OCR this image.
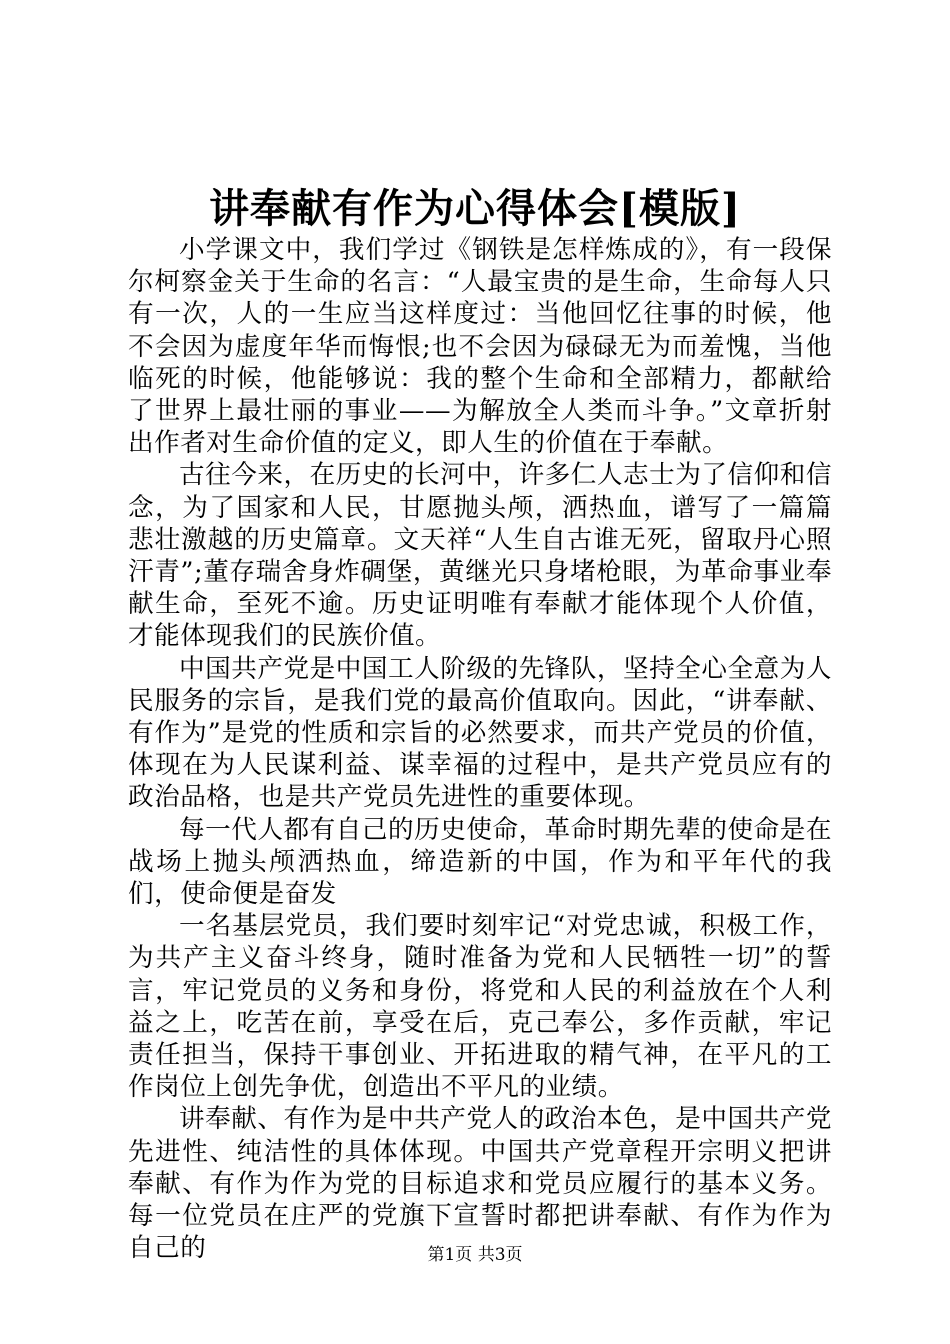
讲奉献有作为心得体会[模版]

小学课文中，我们学过《钢铁是怎样炼成的》，有一段保尔柯察金关于生命的名言：“人最宝贵的是生命，生命每人只有一次，人的一生应当这样度过：当他回忆往事的时候，他不会因为虚度年华而悔恨;也不会因为碌碌无为而羞愧，当他临死的时候，他能够说：我的整个生命和全部精力，都献给了世界上最壮丽的事业——为解放全人类而斗争。”文章折射出作者对生命价值的定义，即人生的价值在于奉献。

古往今来，在历史的长河中，许多仁人志士为了信仰和信念，为了国家和人民，甘愿抛头颅，洒热血，谱写了一篇篇悲壮激越的历史篇章。文天祥“人生自古谁无死，留取丹心照汗青”;董存瑞舍身炸碉堡，黄继光只身堵枪眼，为革命事业奉献生命，至死不逾。历史证明唯有奉献才能体现个人价值，才能体现我们的民族价值。

中国共产党是中国工人阶级的先锋队，坚持全心全意为人民服务的宗旨，是我们党的最高价值取向。因此，“讲奉献、有作为”是党的性质和宗旨的必然要求，而共产党员的价值，体现在为人民谋利益、谋幸福的过程中，是共产党员应有的政治品格，也是共产党员先进性的重要体现。

每一代人都有自己的历史使命，革命时期先辈的使命是在战场上抛头颅洒热血，缔造新的中国，作为和平年代的我们，使命便是奋发

一名基层党员，我们要时刻牢记“对党忠诚，积极工作，为共产主义奋斗终身，随时准备为党和人民牺牲一切”的誓言，牢记党员的义务和身份，将党和人民的利益放在个人利益之上，吃苦在前，享受在后，克己奉公，多作贡献，牢记责任担当，保持干事创业、开拓进取的精气神，在平凡的工作岗位上创先争优，创造出不平凡的业绩。

讲奉献、有作为是中共产党人的政治本色，是中国共产党先进性、纯洁性的具体体现。中国共产党章程开宗明义把讲奉献、有作为作为党的目标追求和党员应履行的基本义务。每一位党员在庄严的党旗下宣誓时都把讲奉献、有作为作为自己的	第1页 共3页
